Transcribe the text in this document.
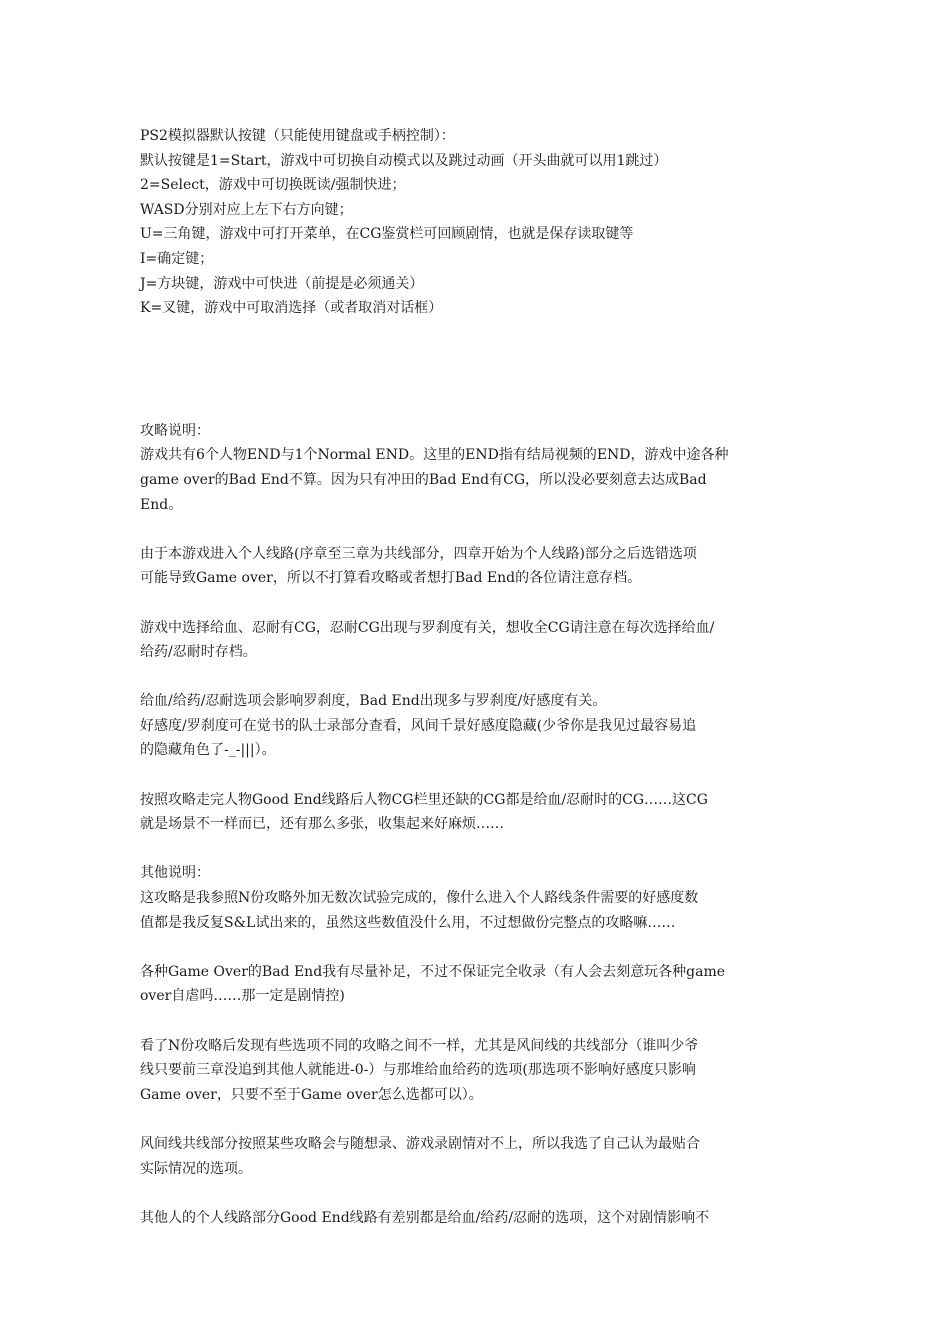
PS2模拟器默认按键（只能使用键盘或手柄控制）：
默认按键是1=Start，游戏中可切换自动模式以及跳过动画（开头曲就可以用1跳过）
2=Select，游戏中可切换既读/强制快进；
WASD分别对应上左下右方向键；
U=三角键，游戏中可打开菜单，在CG鉴赏栏可回顾剧情，也就是保存读取键等
I=确定键；
J=方块键，游戏中可快进（前提是必须通关）
K=叉键，游戏中可取消选择（或者取消对话框）
攻略说明：
游戏共有6个人物END与1个Normal END。这里的END指有结局视频的END，游戏中途各种
game over的Bad End不算。因为只有冲田的Bad End有CG，所以没必要刻意去达成Bad
End。
由于本游戏进入个人线路(序章至三章为共线部分，四章开始为个人线路)部分之后选错选项
可能导致Game over，所以不打算看攻略或者想打Bad End的各位请注意存档。
游戏中选择给血、忍耐有CG，忍耐CG出现与罗刹度有关，想收全CG请注意在每次选择给血/
给药/忍耐时存档。
给血/给药/忍耐选项会影响罗刹度，Bad End出现多与罗刹度/好感度有关。
好感度/罗刹度可在觉书的队士录部分查看，风间千景好感度隐藏(少爷你是我见过最容易追
的隐藏角色了-_-|||）。
按照攻略走完人物Good End线路后人物CG栏里还缺的CG都是给血/忍耐时的CG……这CG
就是场景不一样而已，还有那么多张，收集起来好麻烦……
其他说明：
这攻略是我参照N份攻略外加无数次试验完成的，像什么进入个人路线条件需要的好感度数
值都是我反复S&L试出来的，虽然这些数值没什么用，不过想做份完整点的攻略嘛……
各种Game Over的Bad End我有尽量补足，不过不保证完全收录（有人会去刻意玩各种game
over自虐吗……那一定是剧情控)
看了N份攻略后发现有些选项不同的攻略之间不一样，尤其是风间线的共线部分（谁叫少爷
线只要前三章没追到其他人就能进-0-）与那堆给血给药的选项(那选项不影响好感度只影响
Game over，只要不至于Game over怎么选都可以）。
风间线共线部分按照某些攻略会与随想录、游戏录剧情对不上，所以我选了自己认为最贴合
实际情况的选项。
其他人的个人线路部分Good End线路有差别都是给血/给药/忍耐的选项，这个对剧情影响不
